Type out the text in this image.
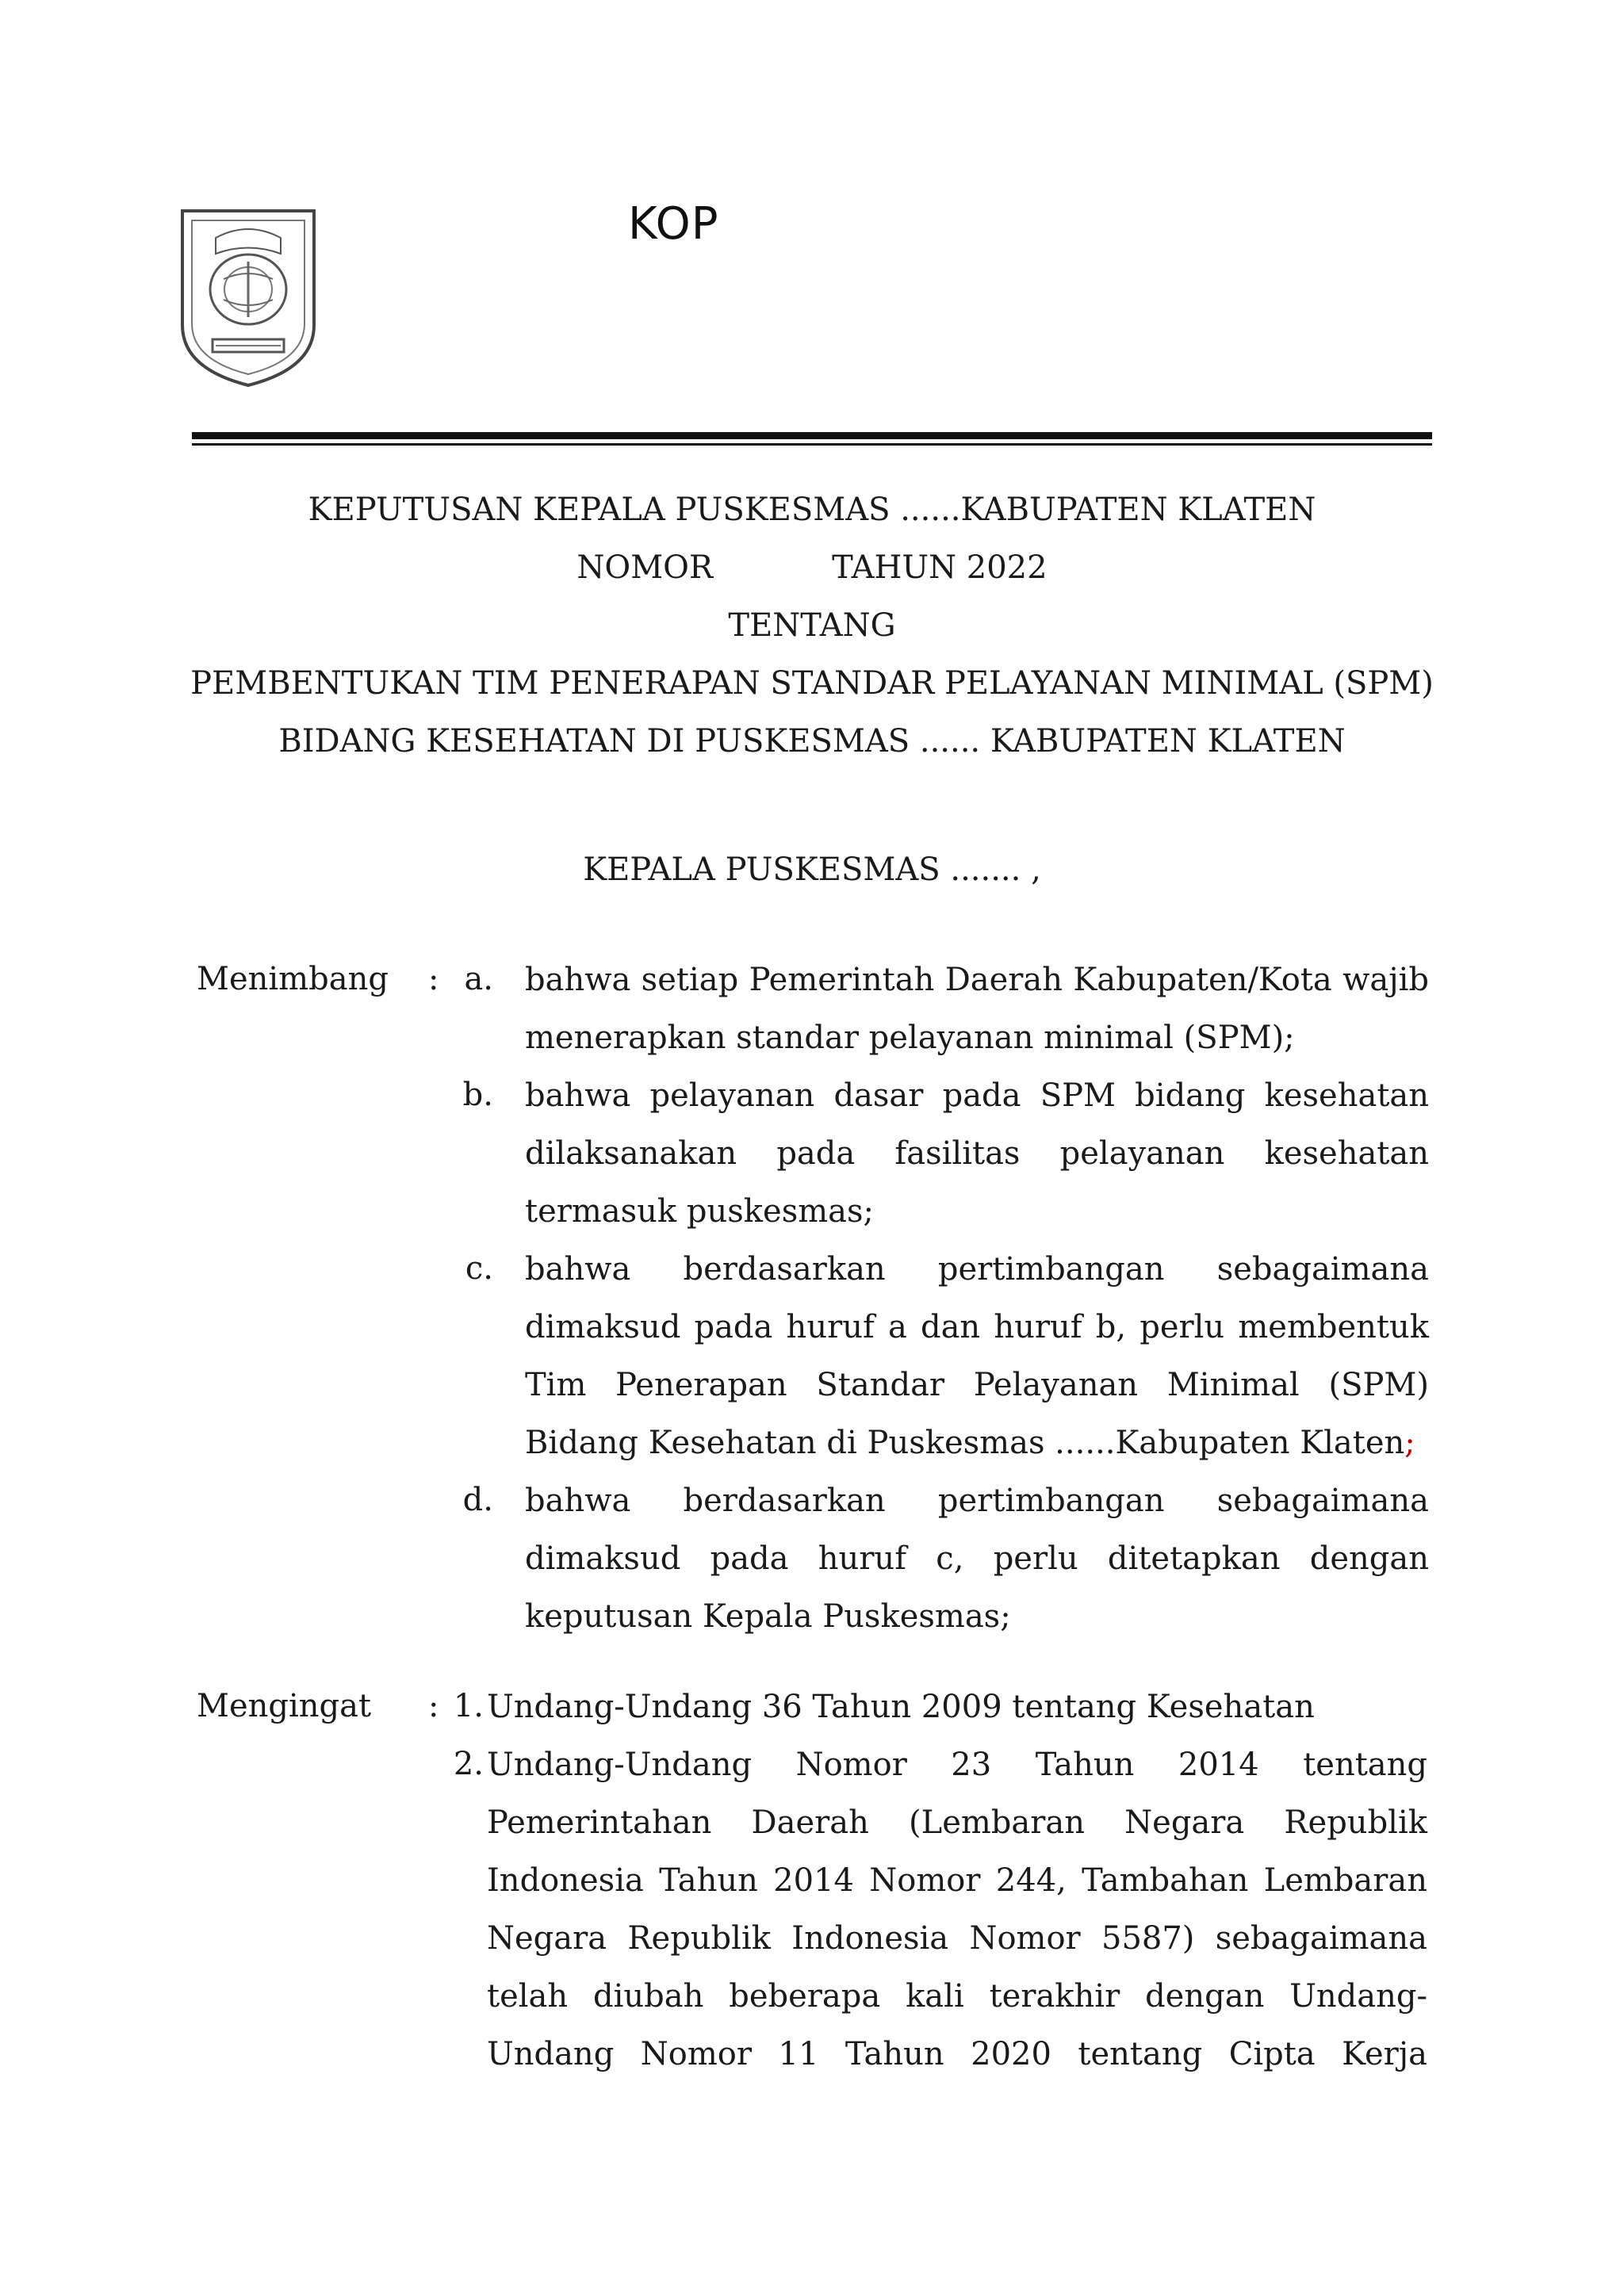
KOP
KEPUTUSAN KEPALA PUSKESMAS ......KABUPATEN KLATEN
NOMOR	TAHUN 2022
TENTANG
PEMBENTUKAN TIM PENERAPAN STANDAR PELAYANAN MINIMAL (SPM)
BIDANG KESEHATAN DI PUSKESMAS ...... KABUPATEN KLATEN
KEPALA PUSKESMAS ....... ,
Menimbang : a. bahwa setiap Pemerintah Daerah Kabupaten/Kota wajib menerapkan standar pelayanan minimal (SPM);

b. bahwa pelayanan dasar pada SPM bidang kesehatan dilaksanakan pada fasilitas pelayanan kesehatan termasuk puskesmas;

c. bahwa berdasarkan pertimbangan sebagaimana dimaksud pada huruf a dan huruf b, perlu membentuk Tim Penerapan Standar Pelayanan Minimal (SPM) Bidang Kesehatan di Puskesmas ......Kabupaten Klaten;

d. bahwa berdasarkan pertimbangan sebagaimana dimaksud pada huruf c, perlu ditetapkan dengan keputusan Kepala Puskesmas;

Mengingat : 1. Undang-Undang 36 Tahun 2009 tentang Kesehatan

2. Undang-Undang Nomor 23 Tahun 2014 tentang Pemerintahan Daerah (Lembaran Negara Republik Indonesia Tahun 2014 Nomor 244, Tambahan Lembaran Negara Republik Indonesia Nomor 5587) sebagaimana telah diubah beberapa kali terakhir dengan Undang-Undang Nomor 11 Tahun 2020 tentang Cipta Kerja
